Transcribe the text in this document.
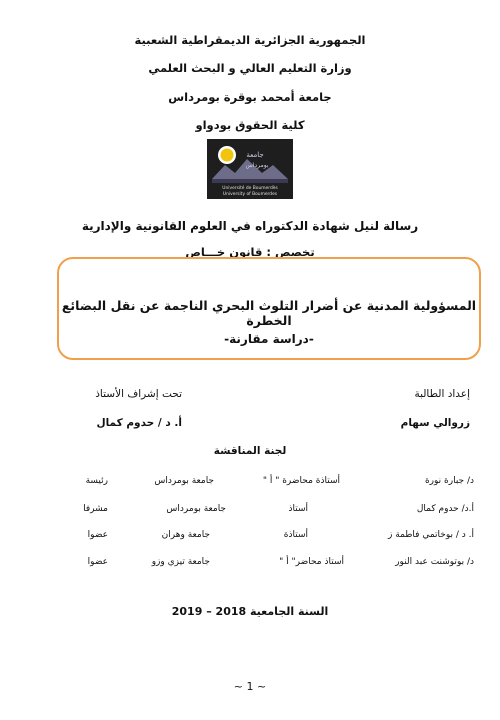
الجمهورية الجزائرية الديمقراطية الشعبية
وزارة التعليم العالي و البحث العلمي
جامعة أمحمد بوقرة بومرداس
كلية الحقوق بودواو
جامعة
بومرداس
Université de Boumerdès
University of Boumerdes
رسالة لنيل شهادة الدكتوراه في العلوم القانونية والإدارية
تخصص : قانون خـــاص
المسؤولية المدنية عن أضرار التلوث البحري الناجمة عن نقل البضائع الخطرة
-دراسة مقارنة-
إعداد الطالبة
زروالي سهام
تحت إشراف الأستاذ
أ. د / حدوم كمال
لجنة المناقشة
د/ جبارة نورة
أستاذة محاضرة " أ "
جامعة بومرداس
رئيسة
أ.د/ حدوم كمال
أستاذ
جامعة بومرداس
مشرفا
أ. د / بوخاتمي فاطمة ز
أستاذة
جامعة وهران
عضوا
د/ بوتوشنت عبد النور
أستاذ محاضر" أ "
جامعة تيزي وزو
عضوا
السنة الجامعية 2018 – 2019
~ 1 ~
